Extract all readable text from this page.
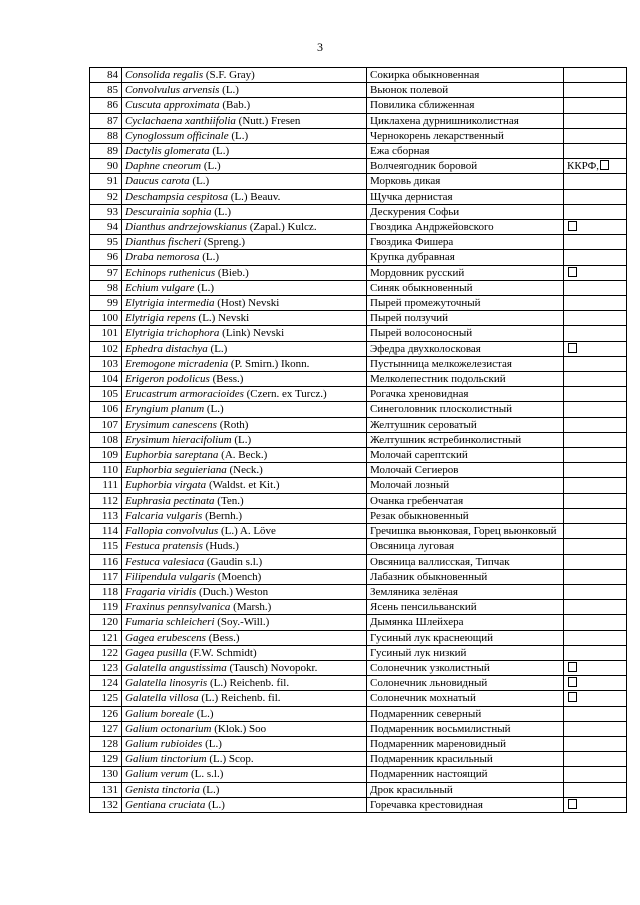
3
84	Consolida regalis (S.F. Gray)	Сокирка обыкновенная	
85	Convolvulus arvensis (L.)	Вьюнок полевой	
86	Cuscuta approximata (Bab.)	Повилика сближенная	
87	Cyclachaena xanthiifolia (Nutt.) Fresen	Циклахена дурнишниколистная	
88	Cynoglossum officinale (L.)	Чернокорень лекарственный	
89	Dactylis glomerata (L.)	Ежа сборная	
90	Daphne cneorum (L.)	Волчеягодник боровой	ККРФ,
91	Daucus carota (L.)	Морковь дикая	
92	Deschampsia cespitosa (L.) Beauv.	Щучка дернистая	
93	Descurainia sophia (L.)	Дескурения Софьи	
94	Dianthus andrzejowskianus (Zapal.) Kulcz.	Гвоздика Андржейовского	
95	Dianthus fischeri (Spreng.)	Гвоздика Фишера	
96	Draba nemorosa (L.)	Крупка дубравная	
97	Echinops ruthenicus (Bieb.)	Мордовник русский	
98	Echium vulgare (L.)	Синяк обыкновенный	
99	Elytrigia intermedia (Host) Nevski	Пырей промежуточный	
100	Elytrigia repens (L.) Nevski	Пырей ползучий	
101	Elytrigia trichophora (Link) Nevski	Пырей волосоносный	
102	Ephedra distachya (L.)	Эфедра двухколосковая	
103	Eremogone micradenia (P. Smirn.) Ikonn.	Пустынница мелкожелезистая	
104	Erigeron podolicus (Bess.)	Мелколепестник подольский	
105	Erucastrum armoracioides (Czern. ex Turcz.)	Рогачка хреновидная	
106	Eryngium planum (L.)	Синеголовник плосколистный	
107	Erysimum canescens (Roth)	Желтушник сероватый	
108	Erysimum hieracifolium (L.)	Желтушник ястребинколистный	
109	Euphorbia sareptana (A. Beck.)	Молочай сарептский	
110	Euphorbia seguieriana (Neck.)	Молочай Сегиеров	
111	Euphorbia virgata (Waldst. et Kit.)	Молочай лозный	
112	Euphrasia pectinata (Ten.)	Очанка гребенчатая	
113	Falcaria vulgaris (Bernh.)	Резак обыкновенный	
114	Fallopia convolvulus (L.) A. Löve	Гречишка вьюнковая, Горец вьюнковый	
115	Festuca pratensis (Huds.)	Овсяница луговая	
116	Festuca valesiaca (Gaudin s.l.)	Овсяница валлисская, Типчак	
117	Filipendula vulgaris (Moench)	Лабазник обыкновенный	
118	Fragaria viridis (Duch.) Weston	Земляника зелёная	
119	Fraxinus pennsylvanica (Marsh.)	Ясень пенсильванский	
120	Fumaria schleicheri (Soy.-Will.)	Дымянка Шлейхера	
121	Gagea erubescens (Bess.)	Гусиный лук краснеющий	
122	Gagea pusilla (F.W. Schmidt)	Гусиный лук низкий	
123	Galatella angustissima (Tausch) Novopokr.	Солонечник узколистный	
124	Galatella linosyris (L.) Reichenb. fil.	Солонечник льновидный	
125	Galatella villosa (L.) Reichenb. fil.	Солонечник мохнатый	
126	Galium boreale (L.)	Подмаренник северный	
127	Galium octonarium (Klok.) Soo	Подмаренник восьмилистный	
128	Galium rubioides (L.)	Подмаренник мареновидный	
129	Galium tinctorium (L.) Scop.	Подмаренник красильный	
130	Galium verum (L. s.l.)	Подмаренник настоящий	
131	Genista tinctoria (L.)	Дрок красильный	
132	Gentiana cruciata (L.)	Горечавка крестовидная	
